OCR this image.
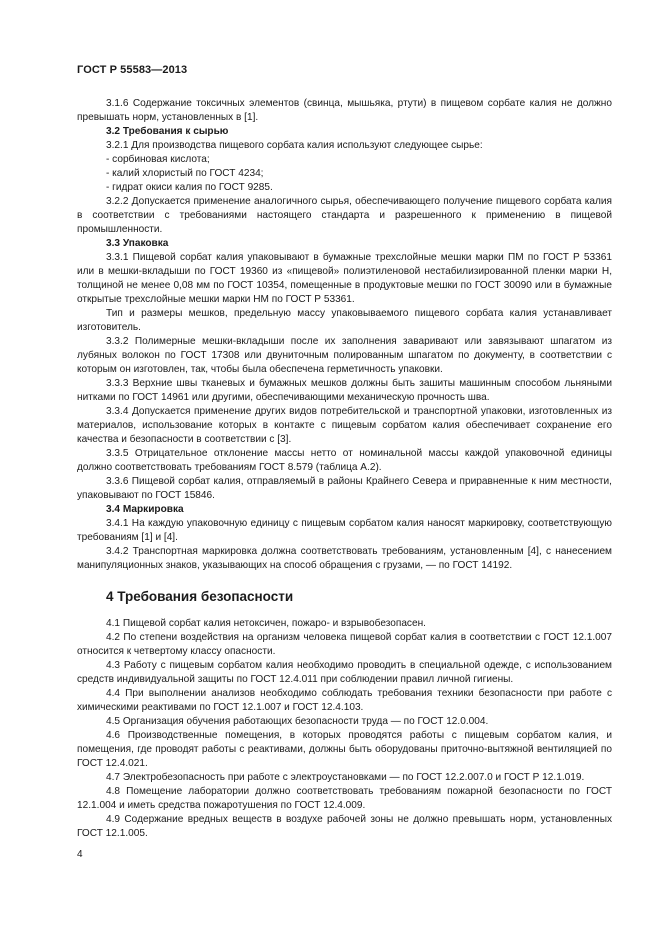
ГОСТ Р 55583—2013
3.1.6 Содержание токсичных элементов (свинца, мышьяка, ртути) в пищевом сорбате калия не должно превышать норм, установленных в [1].
3.2 Требования к сырью
3.2.1 Для производства пищевого сорбата калия используют следующее сырье:
- сорбиновая кислота;
- калий хлористый по ГОСТ 4234;
- гидрат окиси калия по ГОСТ 9285.
3.2.2 Допускается применение аналогичного сырья, обеспечивающего получение пищевого сорбата калия в соответствии с требованиями настоящего стандарта и разрешенного к применению в пищевой промышленности.
3.3 Упаковка
3.3.1 Пищевой сорбат калия упаковывают в бумажные трехслойные мешки марки ПМ по ГОСТ Р 53361 или в мешки-вкладыши по ГОСТ 19360 из «пищевой» полиэтиленовой нестабилизированной пленки марки Н, толщиной не менее 0,08 мм по ГОСТ 10354, помещенные в продуктовые мешки по ГОСТ 30090 или в бумажные открытые трехслойные мешки марки НМ по ГОСТ Р 53361.
Тип и размеры мешков, предельную массу упаковываемого пищевого сорбата калия устанавливает изготовитель.
3.3.2 Полимерные мешки-вкладыши после их заполнения заваривают или завязывают шпагатом из лубяных волокон по ГОСТ 17308 или двуниточным полированным шпагатом по документу, в соответствии с которым он изготовлен, так, чтобы была обеспечена герметичность упаковки.
3.3.3 Верхние швы тканевых и бумажных мешков должны быть зашиты машинным способом льняными нитками по ГОСТ 14961 или другими, обеспечивающими механическую прочность шва.
3.3.4 Допускается применение других видов потребительской и транспортной упаковки, изготовленных из материалов, использование которых в контакте с пищевым сорбатом калия обеспечивает сохранение его качества и безопасности в соответствии с [3].
3.3.5 Отрицательное отклонение массы нетто от номинальной массы каждой упаковочной единицы должно соответствовать требованиям ГОСТ 8.579 (таблица А.2).
3.3.6 Пищевой сорбат калия, отправляемый в районы Крайнего Севера и приравненные к ним местности, упаковывают по ГОСТ 15846.
3.4 Маркировка
3.4.1 На каждую упаковочную единицу с пищевым сорбатом калия наносят маркировку, соответствующую требованиям [1] и [4].
3.4.2 Транспортная маркировка должна соответствовать требованиям, установленным [4], с нанесением манипуляционных знаков, указывающих на способ обращения с грузами, — по ГОСТ 14192.
4 Требования безопасности
4.1 Пищевой сорбат калия нетоксичен, пожаро- и взрывобезопасен.
4.2 По степени воздействия на организм человека пищевой сорбат калия в соответствии с ГОСТ 12.1.007 относится к четвертому классу опасности.
4.3 Работу с пищевым сорбатом калия необходимо проводить в специальной одежде, с использованием средств индивидуальной защиты по ГОСТ 12.4.011 при соблюдении правил личной гигиены.
4.4 При выполнении анализов необходимо соблюдать требования техники безопасности при работе с химическими реактивами по ГОСТ 12.1.007 и ГОСТ 12.4.103.
4.5 Организация обучения работающих безопасности труда — по ГОСТ 12.0.004.
4.6 Производственные помещения, в которых проводятся работы с пищевым сорбатом калия, и помещения, где проводят работы с реактивами, должны быть оборудованы приточно-вытяжной вентиляцией по ГОСТ 12.4.021.
4.7 Электробезопасность при работе с электроустановками — по ГОСТ 12.2.007.0 и ГОСТ Р 12.1.019.
4.8 Помещение лаборатории должно соответствовать требованиям пожарной безопасности по ГОСТ 12.1.004 и иметь средства пожаротушения по ГОСТ 12.4.009.
4.9 Содержание вредных веществ в воздухе рабочей зоны не должно превышать норм, установленных ГОСТ 12.1.005.
4
